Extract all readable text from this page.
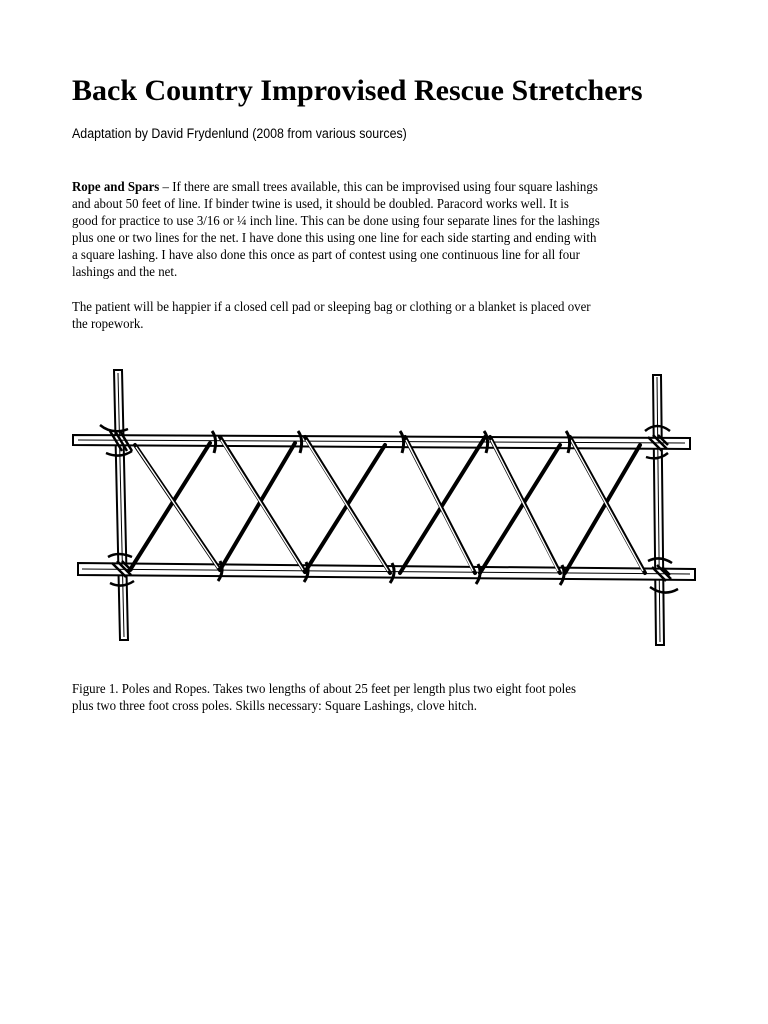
Back Country Improvised Rescue Stretchers
Adaptation by David Frydenlund (2008 from various sources)
Rope and Spars – If there are small trees available, this can be improvised using four square lashings
and about 50 feet of line. If binder twine is used, it should be doubled. Paracord works well. It is
good for practice to use 3/16 or ¼ inch line. This can be done using four separate lines for the lashings
plus one or two lines for the net. I have done this using one line for each side starting and ending with
a square lashing. I have also done this once as part of contest using one continuous line for all four
lashings and the net.
The patient will be happier if a closed cell pad or sleeping bag or clothing or a blanket is placed over
the ropework.
Figure 1. Poles and Ropes. Takes two lengths of about 25 feet per length plus two eight foot poles
plus two three foot cross poles. Skills necessary: Square Lashings, clove hitch.
